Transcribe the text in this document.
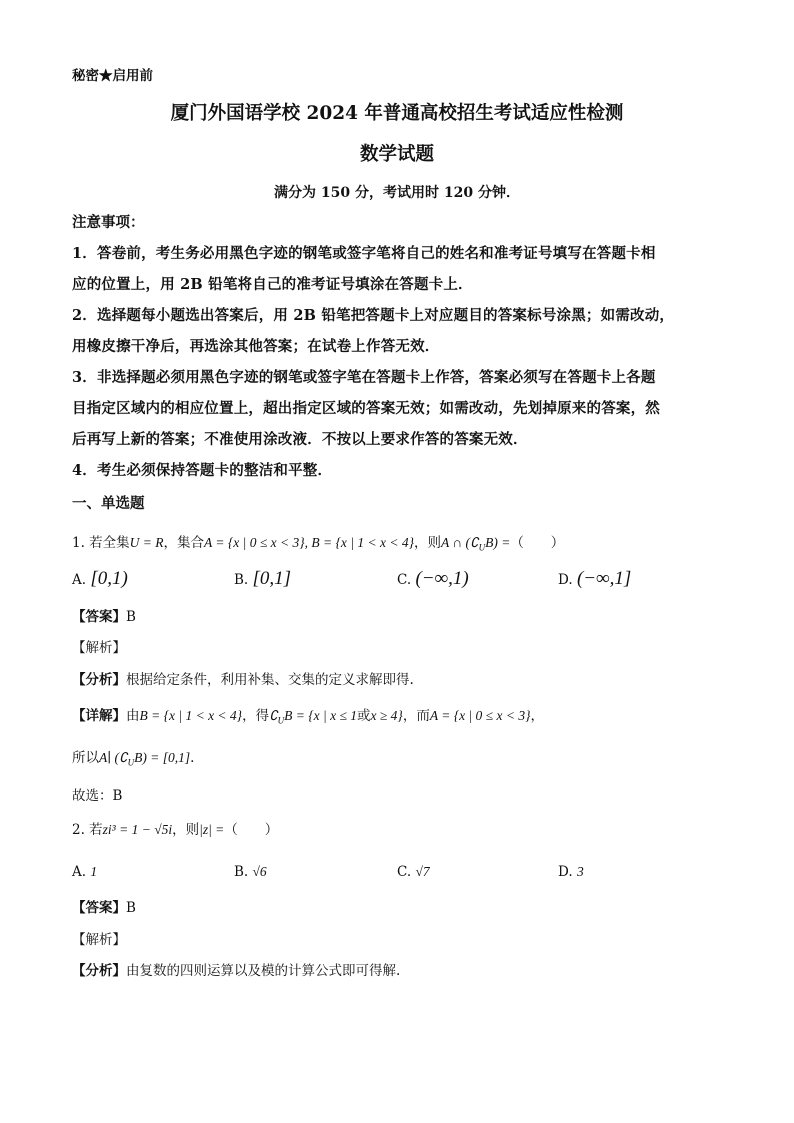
秘密★启用前
厦门外国语学校 2024 年普通高校招生考试适应性检测
数学试题
满分为 150 分，考试用时 120 分钟．
注意事项：
1．答卷前，考生务必用黑色字迹的钢笔或签字笔将自己的姓名和准考证号填写在答题卡相
应的位置上，用 2B 铅笔将自己的准考证号填涂在答题卡上．
2．选择题每小题选出答案后，用 2B 铅笔把答题卡上对应题目的答案标号涂黑；如需改动，
用橡皮擦干净后，再选涂其他答案；在试卷上作答无效．
3．非选择题必须用黑色字迹的钢笔或签字笔在答题卡上作答，答案必须写在答题卡上各题
目指定区域内的相应位置上，超出指定区域的答案无效；如需改动，先划掉原来的答案，然
后再写上新的答案；不准使用涂改液．不按以上要求作答的答案无效．
4．考生必须保持答题卡的整洁和平整．
一、单选题
1. 若全集U = R，集合A = {x | 0 ≤ x < 3}, B = {x | 1 < x < 4}，则A ∩ $(∁_UB)$ =（　　）
A. [0,1)	B. [0,1]	C. (−∞,1)	D. (−∞,1]
【答案】B
【解析】
【分析】根据给定条件，利用补集、交集的定义求解即得.
【详解】由B = {x | 1 < x < 4}，得$∁_UB = \{x$ | x ≤ 1或x ≥ 4}，而A = {x | 0 ≤ x < 3}，
所以A∣ $(∁_UB) = [0,1]$.
故选：B
2. 若zi³ = 1 − √5i，则|z| =（　　）
A. 1	B. √6	C. √7	D. 3
【答案】B
【解析】
【分析】由复数的四则运算以及模的计算公式即可得解.
